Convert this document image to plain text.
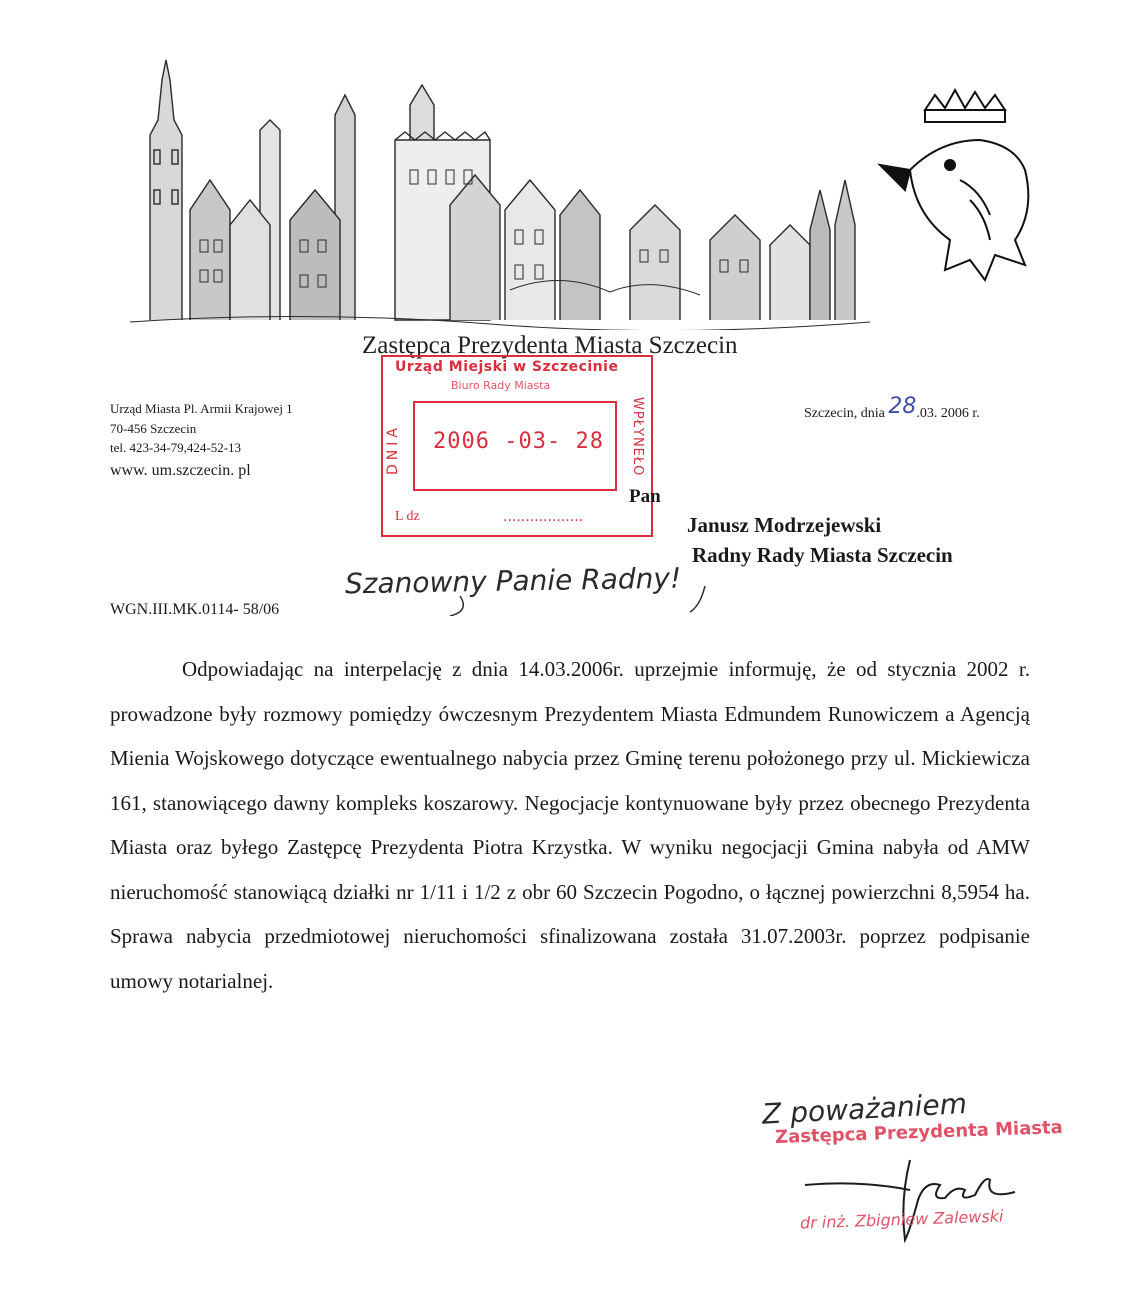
Zastępca Prezydenta Miasta Szczecin
Urząd Miasta Pl. Armii Krajowej 1
70-456 Szczecin
tel. 423-34-79,424-52-13
www. um.szczecin. pl
Szczecin, dnia 28.03. 2006 r.
Urząd Miejski w Szczecinie
Biuro Rady Miasta
DNIA 2006 -03- 28 WPŁYNEŁO
L dz	..................
Pan
Janusz Modrzejewski
Radny Rady Miasta Szczecin
Szanowny Panie Radny!
WGN.III.MK.0114- 58/06

Odpowiadając na interpelację z dnia 14.03.2006r. uprzejmie informuję, że od stycznia 2002 r. prowadzone były rozmowy pomiędzy ówczesnym Prezydentem Miasta Edmundem Runowiczem a Agencją Mienia Wojskowego dotyczące ewentualnego nabycia przez Gminę terenu położonego przy ul. Mickiewicza 161, stanowiącego dawny kompleks koszarowy. Negocjacje kontynuowane były przez obecnego Prezydenta Miasta oraz byłego Zastępcę Prezydenta Piotra Krzystka. W wyniku negocjacji Gmina nabyła od AMW nieruchomość stanowiącą działki nr 1/11 i 1/2 z obr 60 Szczecin Pogodno, o łącznej powierzchni 8,5954 ha. Sprawa nabycia przedmiotowej nieruchomości sfinalizowana została 31.07.2003r. poprzez podpisanie umowy notarialnej.

Z poważaniem
Zastępca Prezydenta Miasta
dr inż. Zbigniew Zalewski
